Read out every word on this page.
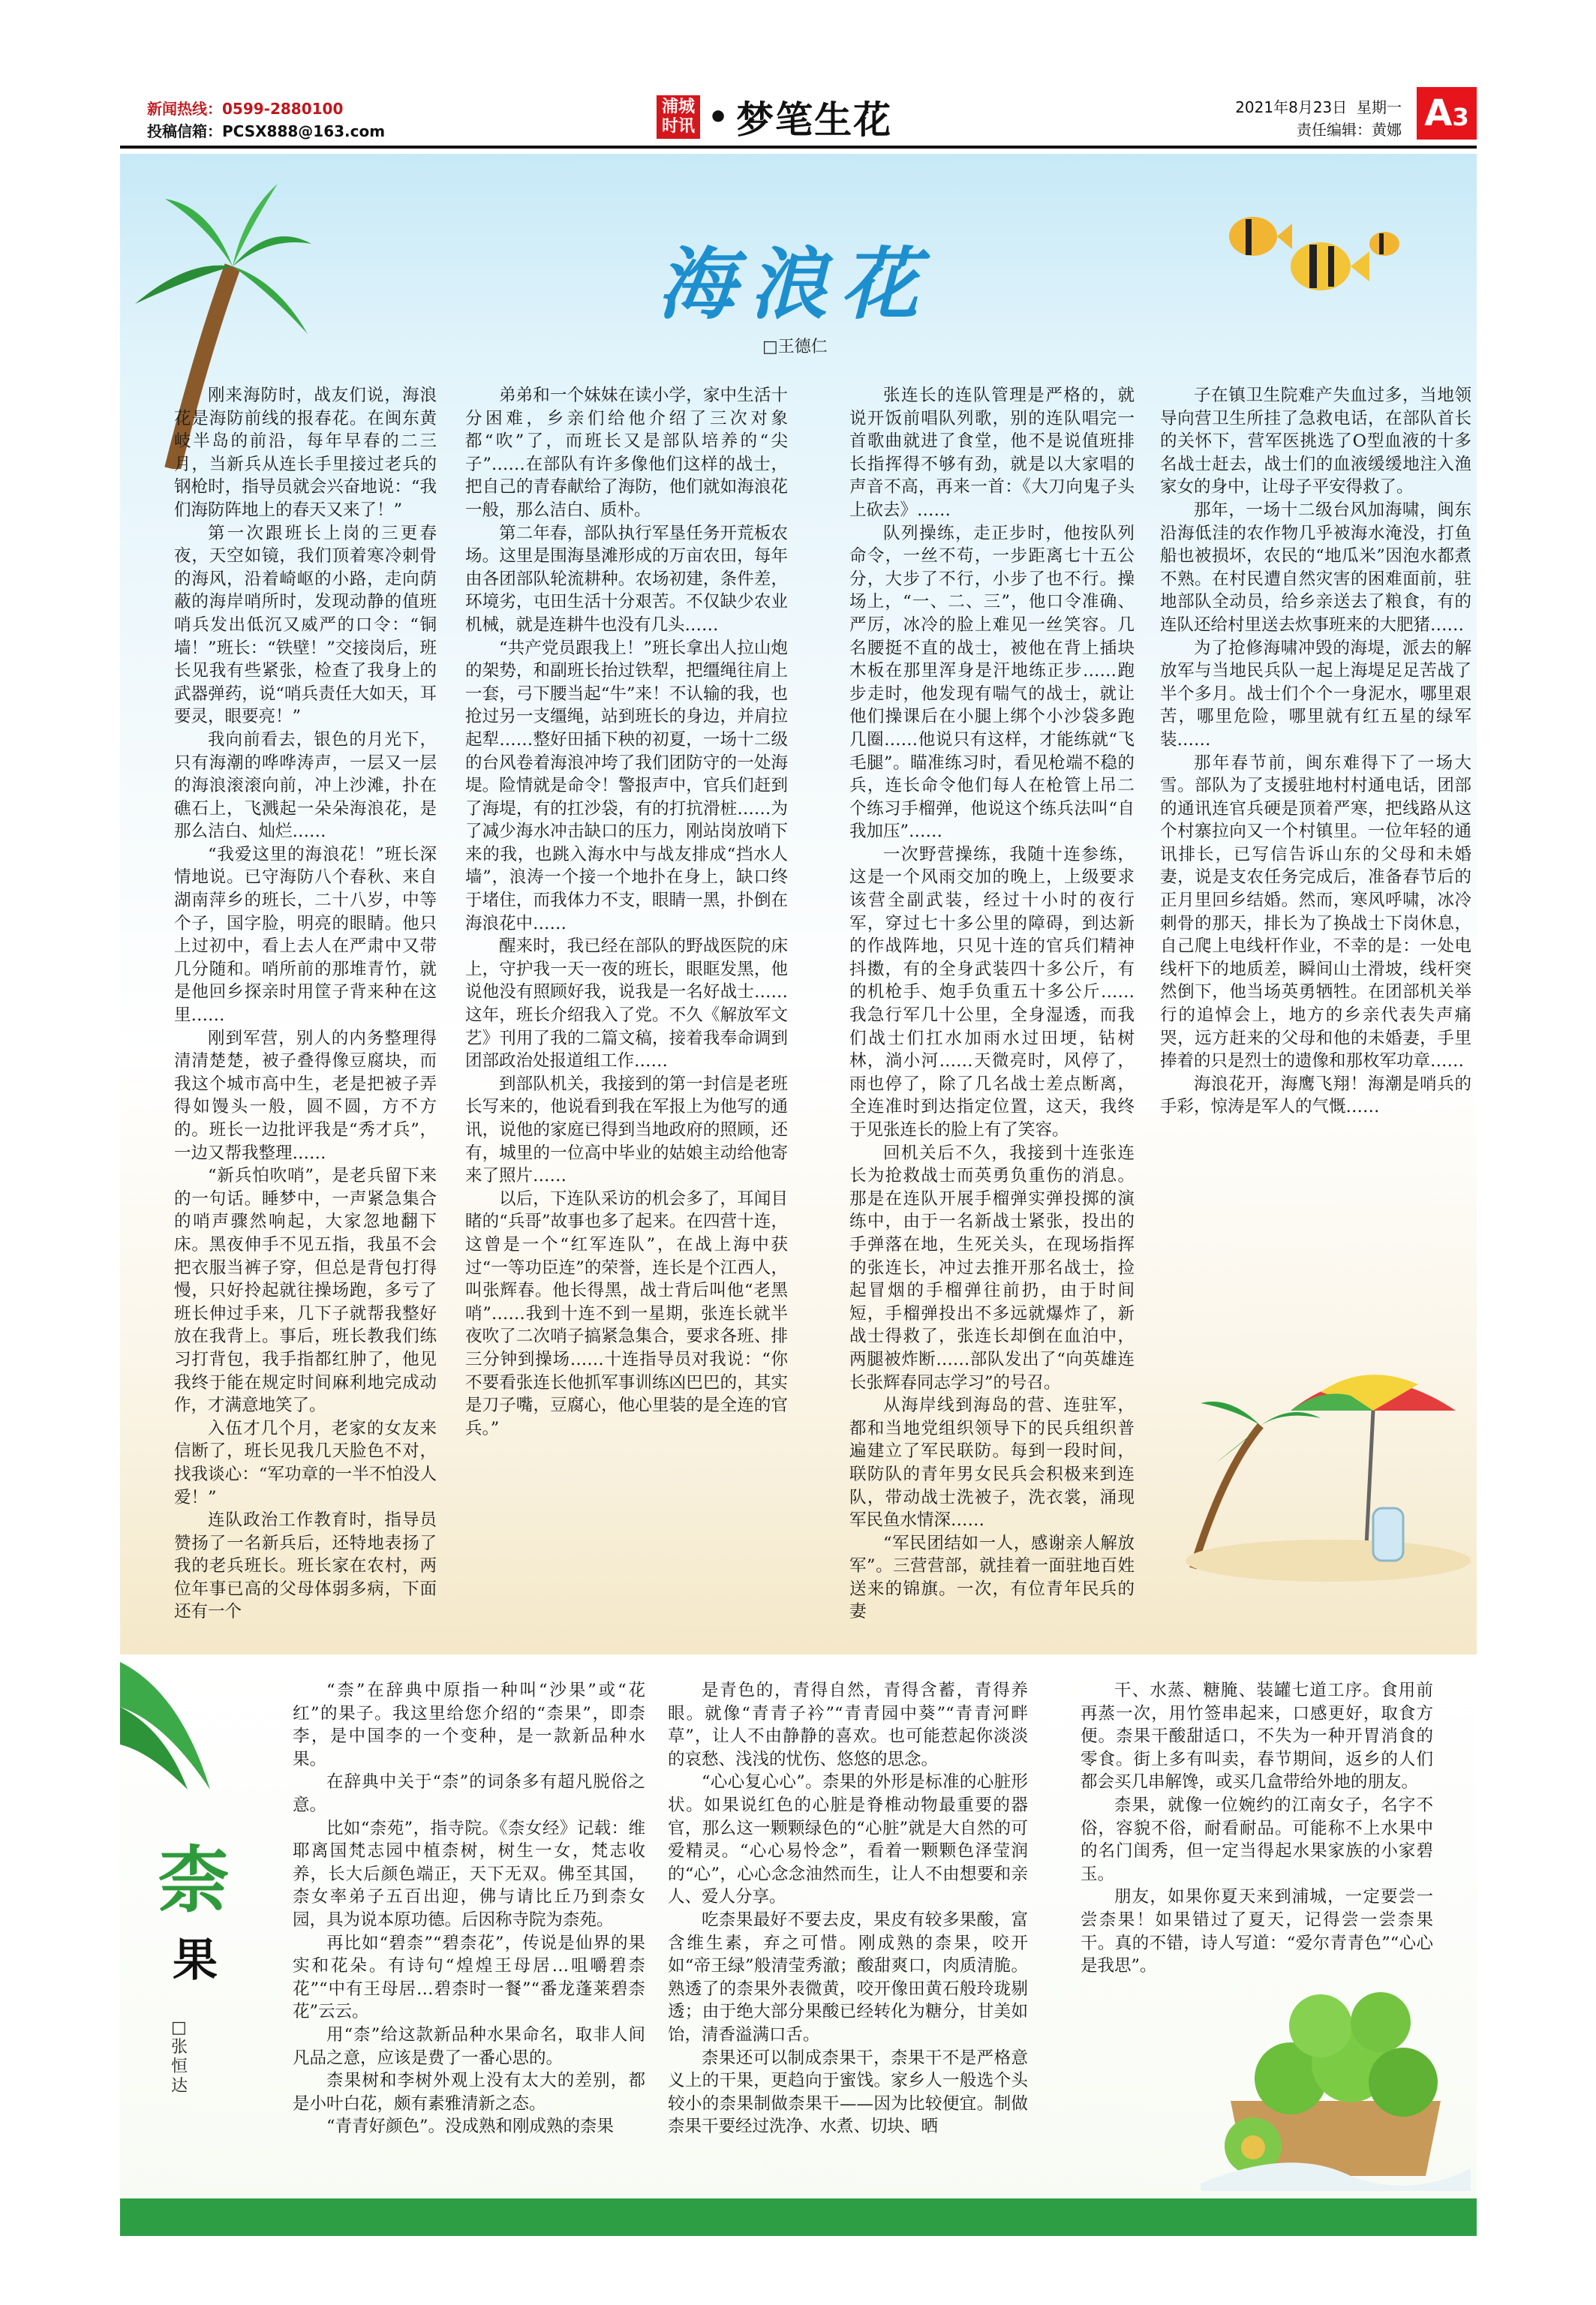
新闻热线：0599-2880100
投稿信箱：PCSX888@163.com
浦城
时讯 • 梦笔生花	2021年8月23日 星期一
责任编辑：黄娜 A3
海浪花
□王德仁

刚来海防时，战友们说，海浪花是海防前线的报春花。在闽东黄岐半岛的前沿，每年早春的二三月，当新兵从连长手里接过老兵的钢枪时，指导员就会兴奋地说：“我们海防阵地上的春天又来了！”

第一次跟班长上岗的三更春夜，天空如镜，我们顶着寒冷刺骨的海风，沿着崎岖的小路，走向荫蔽的海岸哨所时，发现动静的值班哨兵发出低沉又威严的口令：“铜墙！”班长：“铁壁！”交接岗后，班长见我有些紧张，检查了我身上的武器弹药，说“哨兵责任大如天，耳要灵，眼要亮！”

我向前看去，银色的月光下，只有海潮的哗哗涛声，一层又一层的海浪滚滚向前，冲上沙滩，扑在礁石上，飞溅起一朵朵海浪花，是那么洁白、灿烂……

“我爱这里的海浪花！”班长深情地说。已守海防八个春秋、来自湖南萍乡的班长，二十八岁，中等个子，国字脸，明亮的眼睛。他只上过初中，看上去人在严肃中又带几分随和。哨所前的那堆青竹，就是他回乡探亲时用筐子背来种在这里……

刚到军营，别人的内务整理得清清楚楚，被子叠得像豆腐块，而我这个城市高中生，老是把被子弄得如馒头一般，圆不圆，方不方的。班长一边批评我是“秀才兵”，一边又帮我整理……

“新兵怕吹哨”，是老兵留下来的一句话。睡梦中，一声紧急集合的哨声骤然响起，大家忽地翻下床。黑夜伸手不见五指，我虽不会把衣服当裤子穿，但总是背包打得慢，只好拎起就往操场跑，多亏了班长伸过手来，几下子就帮我整好放在我背上。事后，班长教我们练习打背包，我手指都红肿了，他见我终于能在规定时间麻利地完成动作，才满意地笑了。

入伍才几个月，老家的女友来信断了，班长见我几天脸色不对，找我谈心：“军功章的一半不怕没人爱！”

连队政治工作教育时，指导员赞扬了一名新兵后，还特地表扬了我的老兵班长。班长家在农村，两位年事已高的父母体弱多病，下面还有一个

弟弟和一个妹妹在读小学，家中生活十分困难，乡亲们给他介绍了三次对象都“吹”了，而班长又是部队培养的“尖子”……在部队有许多像他们这样的战士，把自己的青春献给了海防，他们就如海浪花一般，那么洁白、质朴。

第二年春，部队执行军垦任务开荒板农场。这里是围海垦滩形成的万亩农田，每年由各团部队轮流耕种。农场初建，条件差，环境劣，屯田生活十分艰苦。不仅缺少农业机械，就是连耕牛也没有几头……

“共产党员跟我上！”班长拿出人拉山炮的架势，和副班长抬过铁犁，把缰绳往肩上一套，弓下腰当起“牛”来！不认输的我，也抢过另一支缰绳，站到班长的身边，并肩拉起犁……整好田插下秧的初夏，一场十二级的台风卷着海浪冲垮了我们团防守的一处海堤。险情就是命令！警报声中，官兵们赶到了海堤，有的扛沙袋，有的打抗滑桩……为了减少海水冲击缺口的压力，刚站岗放哨下来的我，也跳入海水中与战友排成“挡水人墙”，浪涛一个接一个地扑在身上，缺口终于堵住，而我体力不支，眼睛一黑，扑倒在海浪花中……

醒来时，我已经在部队的野战医院的床上，守护我一天一夜的班长，眼眶发黑，他说他没有照顾好我，说我是一名好战士……这年，班长介绍我入了党。不久《解放军文艺》刊用了我的二篇文稿，接着我奉命调到团部政治处报道组工作……

到部队机关，我接到的第一封信是老班长写来的，他说看到我在军报上为他写的通讯，说他的家庭已得到当地政府的照顾，还有，城里的一位高中毕业的姑娘主动给他寄来了照片……

以后，下连队采访的机会多了，耳闻目睹的“兵哥”故事也多了起来。在四营十连，这曾是一个“红军连队”，在战上海中获过“一等功臣连”的荣誉，连长是个江西人，叫张辉春。他长得黑，战士背后叫他“老黑哨”……我到十连不到一星期，张连长就半夜吹了二次哨子搞紧急集合，要求各班、排三分钟到操场……十连指导员对我说：“你不要看张连长他抓军事训练凶巴巴的，其实是刀子嘴，豆腐心，他心里装的是全连的官兵。”

张连长的连队管理是严格的，就说开饭前唱队列歌，别的连队唱完一首歌曲就进了食堂，他不是说值班排长指挥得不够有劲，就是以大家唱的声音不高，再来一首：《大刀向鬼子头上砍去》……

队列操练，走正步时，他按队列命令，一丝不苟，一步距离七十五公分，大步了不行，小步了也不行。操场上，“一、二、三”，他口令准确、严厉，冰冷的脸上难见一丝笑容。几名腰挺不直的战士，被他在背上插块木板在那里浑身是汗地练正步……跑步走时，他发现有喘气的战士，就让他们操课后在小腿上绑个小沙袋多跑几圈……他说只有这样，才能练就“飞毛腿”。瞄准练习时，看见枪端不稳的兵，连长命令他们每人在枪管上吊二个练习手榴弹，他说这个练兵法叫“自我加压”……

一次野营操练，我随十连参练，这是一个风雨交加的晚上，上级要求该营全副武装，经过十小时的夜行军，穿过七十多公里的障碍，到达新的作战阵地，只见十连的官兵们精神抖擞，有的全身武装四十多公斤，有的机枪手、炮手负重五十多公斤……我急行军几十公里，全身湿透，而我们战士们扛水加雨水过田埂，钻树林，淌小河……天微亮时，风停了，雨也停了，除了几名战士差点断离，全连准时到达指定位置，这天，我终于见张连长的脸上有了笑容。

回机关后不久，我接到十连张连长为抢救战士而英勇负重伤的消息。那是在连队开展手榴弹实弹投掷的演练中，由于一名新战士紧张，投出的手弹落在地，生死关头，在现场指挥的张连长，冲过去推开那名战士，捡起冒烟的手榴弹往前扔，由于时间短，手榴弹投出不多远就爆炸了，新战士得救了，张连长却倒在血泊中，两腿被炸断……部队发出了“向英雄连长张辉春同志学习”的号召。

从海岸线到海岛的营、连驻军，都和当地党组织领导下的民兵组织普遍建立了军民联防。每到一段时间，联防队的青年男女民兵会积极来到连队，带动战士洗被子，洗衣裳，涌现军民鱼水情深……

“军民团结如一人，感谢亲人解放军”。三营营部，就挂着一面驻地百姓送来的锦旗。一次，有位青年民兵的妻

子在镇卫生院难产失血过多，当地领导向营卫生所挂了急救电话，在部队首长的关怀下，营军医挑选了O型血液的十多名战士赶去，战士们的血液缓缓地注入渔家女的身中，让母子平安得救了。

那年，一场十二级台风加海啸，闽东沿海低洼的农作物几乎被海水淹没，打鱼船也被损坏，农民的“地瓜米”因泡水都煮不熟。在村民遭自然灾害的困难面前，驻地部队全动员，给乡亲送去了粮食，有的连队还给村里送去炊事班来的大肥猪……

为了抢修海啸冲毁的海堤，派去的解放军与当地民兵队一起上海堤足足苦战了半个多月。战士们个个一身泥水，哪里艰苦，哪里危险，哪里就有红五星的绿军装……

那年春节前，闽东难得下了一场大雪。部队为了支援驻地村村通电话，团部的通讯连官兵硬是顶着严寒，把线路从这个村寨拉向又一个村镇里。一位年轻的通讯排长，已写信告诉山东的父母和未婚妻，说是支农任务完成后，准备春节后的正月里回乡结婚。然而，寒风呼啸，冰冷刺骨的那天，排长为了换战士下岗休息，自己爬上电线杆作业，不幸的是：一处电线杆下的地质差，瞬间山土滑坡，线杆突然倒下，他当场英勇牺牲。在团部机关举行的追悼会上，地方的乡亲代表失声痛哭，远方赶来的父母和他的未婚妻，手里捧着的只是烈士的遗像和那枚军功章……

海浪花开，海鹰飞翔！海潮是哨兵的手彩，惊涛是军人的气慨……

柰
果
□张恒达

“柰”在辞典中原指一种叫“沙果”或“花红”的果子。我这里给您介绍的“柰果”，即柰李，是中国李的一个变种，是一款新品种水果。

在辞典中关于“柰”的词条多有超凡脱俗之意。

比如“柰苑”，指寺院。《柰女经》记载：维耶离国梵志园中植柰树，树生一女，梵志收养，长大后颜色端正，天下无双。佛至其国，柰女率弟子五百出迎，佛与请比丘乃到柰女园，具为说本原功德。后因称寺院为柰苑。

再比如“碧柰”“碧柰花”，传说是仙界的果实和花朵。有诗句“煌煌王母居…咀嚼碧柰花”“中有王母居…碧柰时一餐”“番龙蓬莱碧柰花”云云。

用“柰”给这款新品种水果命名，取非人间凡品之意，应该是费了一番心思的。

柰果树和李树外观上没有太大的差别，都是小叶白花，颇有素雅清新之态。

“青青好颜色”。没成熟和刚成熟的柰果

是青色的，青得自然，青得含蓄，青得养眼。就像“青青子衿”“青青园中葵”“青青河畔草”，让人不由静静的喜欢。也可能惹起你淡淡的哀愁、浅浅的忧伤、悠悠的思念。

“心心复心心”。柰果的外形是标准的心脏形状。如果说红色的心脏是脊椎动物最重要的器官，那么这一颗颗绿色的“心脏”就是大自然的可爱精灵。“心心易怜念”，看着一颗颗色泽莹润的“心”，心心念念油然而生，让人不由想要和亲人、爱人分享。

吃柰果最好不要去皮，果皮有较多果酸，富含维生素，弃之可惜。刚成熟的柰果，咬开如“帝王绿”般清莹秀澈；酸甜爽口，肉质清脆。熟透了的柰果外表微黄，咬开像田黄石般玲珑剔透；由于绝大部分果酸已经转化为糖分，甘美如饴，清香溢满口舌。

柰果还可以制成柰果干，柰果干不是严格意义上的干果，更趋向于蜜饯。家乡人一般选个头较小的柰果制做柰果干——因为比较便宜。制做柰果干要经过洗净、水煮、切块、晒

干、水蒸、糖腌、装罐七道工序。食用前再蒸一次，用竹签串起来，口感更好，取食方便。柰果干酸甜适口，不失为一种开胃消食的零食。街上多有叫卖，春节期间，返乡的人们都会买几串解馋，或买几盒带给外地的朋友。

柰果，就像一位婉约的江南女子，名字不俗，容貌不俗，耐看耐品。可能称不上水果中的名门闺秀，但一定当得起水果家族的小家碧玉。

朋友，如果你夏天来到浦城，一定要尝一尝柰果！如果错过了夏天，记得尝一尝柰果干。真的不错，诗人写道：“爱尔青青色”“心心是我思”。
